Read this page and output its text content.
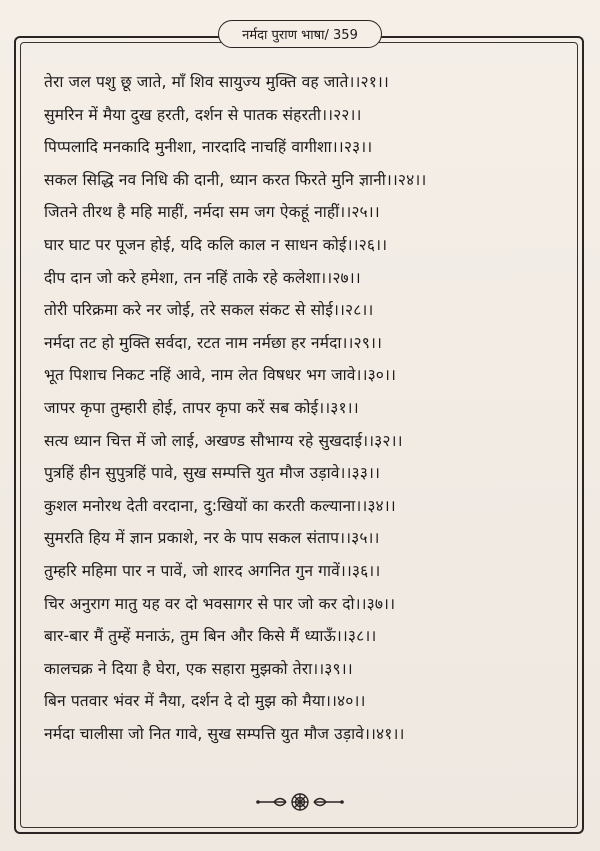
नर्मदा पुराण भाषा/ 359
तेरा जल पशु छू जाते, माँ शिव सायुज्य मुक्ति वह जाते।।२१।।
सुमरिन में मैया दुख हरती, दर्शन से पातक संहरती।।२२।।
पिप्पलादि मनकादि मुनीशा, नारदादि नाचहिं वागीशा।।२३।।
सकल सिद्धि नव निधि की दानी, ध्यान करत फिरते मुनि ज्ञानी।।२४।।
जितने तीरथ है महि माहीं, नर्मदा सम जग ऐकहूं नाहीं।।२५।।
घार घाट पर पूजन होई, यदि कलि काल न साधन कोई।।२६।।
दीप दान जो करे हमेशा, तन नहिं ताके रहे कलेशा।।२७।।
तोरी परिक्रमा करे नर जोई, तरे सकल संकट से सोई।।२८।।
नर्मदा तट हो मुक्ति सर्वदा, रटत नाम नर्मछा हर नर्मदा।।२९।।
भूत पिशाच निकट नहिं आवे, नाम लेत विषधर भग जावे।।३०।।
जापर कृपा तुम्हारी होई, तापर कृपा करें सब कोई।।३१।।
सत्य ध्यान चित्त में जो लाई, अखण्ड सौभाग्य रहे सुखदाई।।३२।।
पुत्रहिं हीन सुपुत्रहिं पावे, सुख सम्पत्ति युत मौज उड़ावे।।३३।।
कुशल मनोरथ देती वरदाना, दु:खियों का करती कल्याना।।३४।।
सुमरति हिय में ज्ञान प्रकाशे, नर के पाप सकल संताप।।३५।।
तुम्हरि महिमा पार न पावें, जो शारद अगनित गुन गावें।।३६।।
चिर अनुराग मातु यह वर दो भवसागर से पार जो कर दो।।३७।।
बार-बार मैं तुम्हें मनाऊं, तुम बिन और किसे मैं ध्याऊँ।।३८।।
कालचक्र ने दिया है घेरा, एक सहारा मुझको तेरा।।३९।।
बिन पतवार भंवर में नैया, दर्शन दे दो मुझ को मैया।।४०।।
नर्मदा चालीसा जो नित गावे, सुख सम्पत्ति युत मौज उड़ावे।।४१।।
